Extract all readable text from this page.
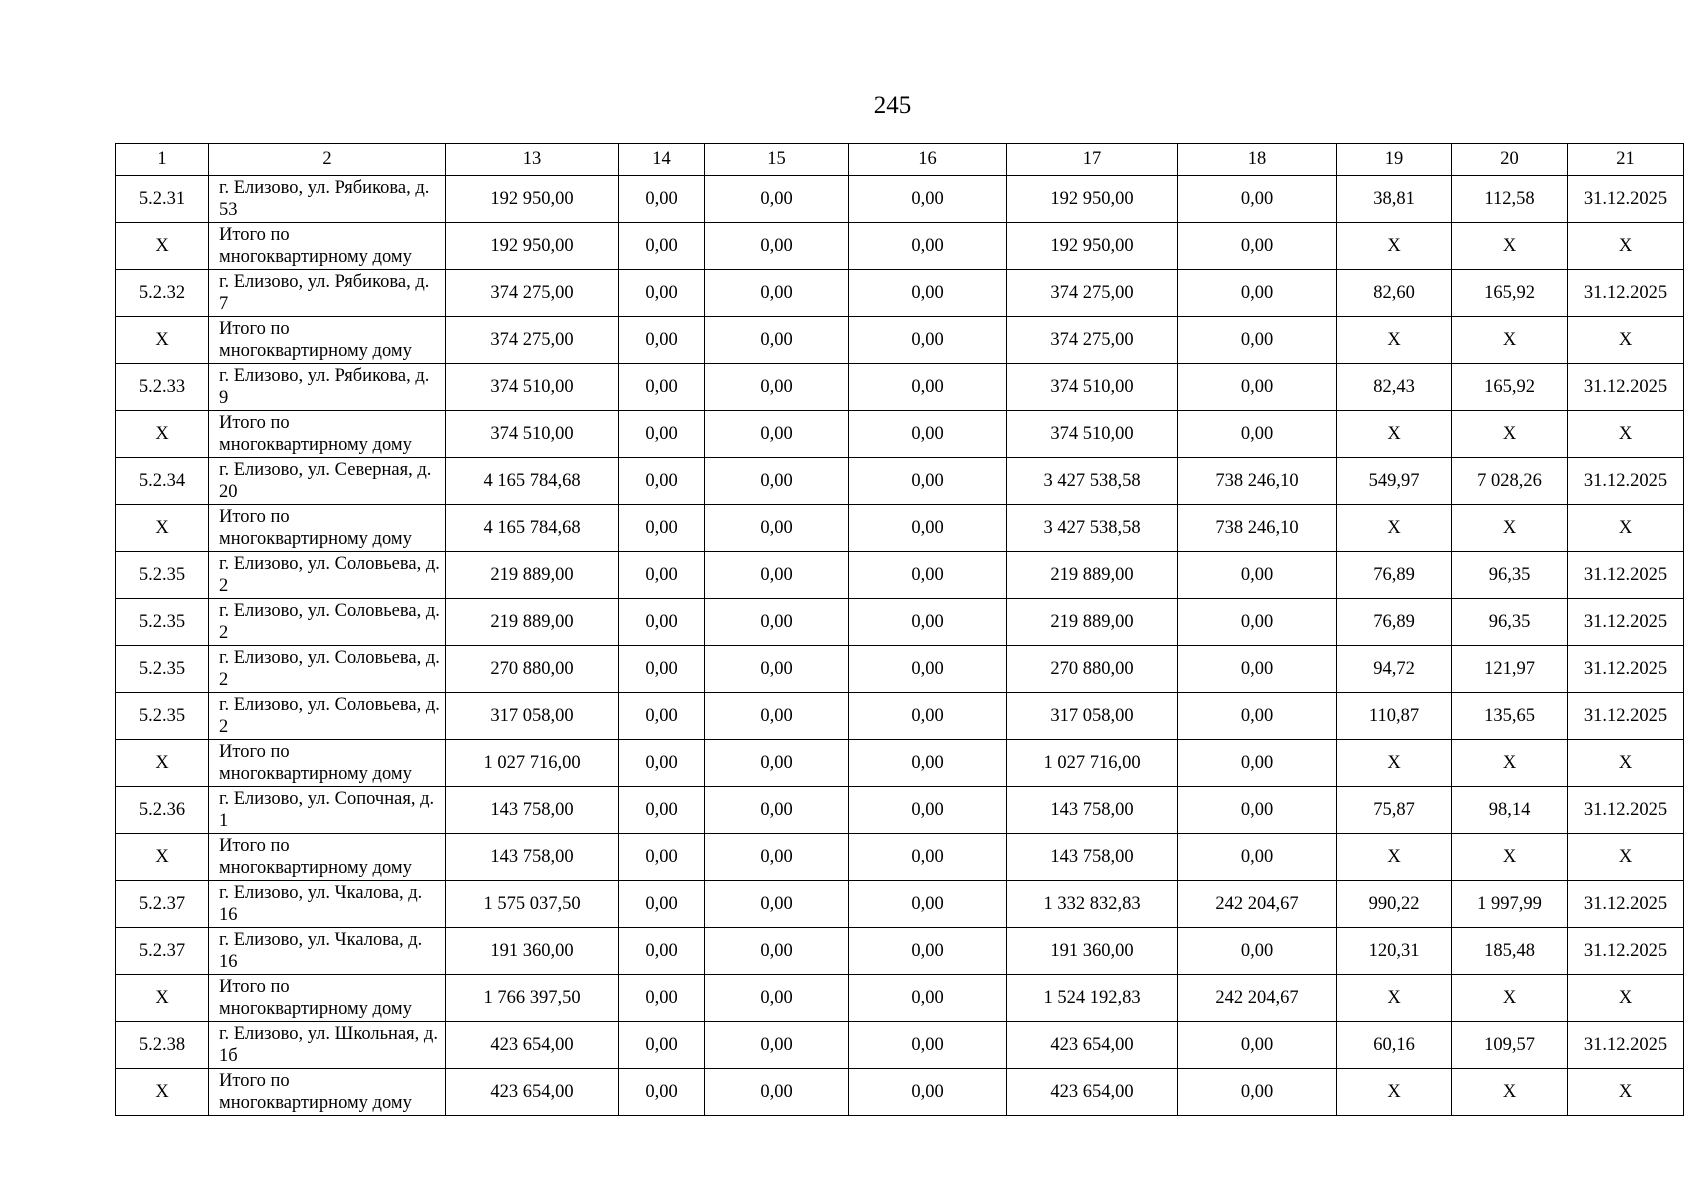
245
1	2	13	14	15	16	17	18	19	20	21
5.2.31	г. Елизово, ул. Рябикова, д. 53	192 950,00	0,00	0,00	0,00	192 950,00	0,00	38,81	112,58	31.12.2025
Х	Итого по многоквартирному дому	192 950,00	0,00	0,00	0,00	192 950,00	0,00	Х	Х	Х
5.2.32	г. Елизово, ул. Рябикова, д. 7	374 275,00	0,00	0,00	0,00	374 275,00	0,00	82,60	165,92	31.12.2025
Х	Итого по многоквартирному дому	374 275,00	0,00	0,00	0,00	374 275,00	0,00	Х	Х	Х
5.2.33	г. Елизово, ул. Рябикова, д. 9	374 510,00	0,00	0,00	0,00	374 510,00	0,00	82,43	165,92	31.12.2025
Х	Итого по многоквартирному дому	374 510,00	0,00	0,00	0,00	374 510,00	0,00	Х	Х	Х
5.2.34	г. Елизово, ул. Северная, д. 20	4 165 784,68	0,00	0,00	0,00	3 427 538,58	738 246,10	549,97	7 028,26	31.12.2025
Х	Итого по многоквартирному дому	4 165 784,68	0,00	0,00	0,00	3 427 538,58	738 246,10	Х	Х	Х
5.2.35	г. Елизово, ул. Соловьева, д. 2	219 889,00	0,00	0,00	0,00	219 889,00	0,00	76,89	96,35	31.12.2025
5.2.35	г. Елизово, ул. Соловьева, д. 2	219 889,00	0,00	0,00	0,00	219 889,00	0,00	76,89	96,35	31.12.2025
5.2.35	г. Елизово, ул. Соловьева, д. 2	270 880,00	0,00	0,00	0,00	270 880,00	0,00	94,72	121,97	31.12.2025
5.2.35	г. Елизово, ул. Соловьева, д. 2	317 058,00	0,00	0,00	0,00	317 058,00	0,00	110,87	135,65	31.12.2025
Х	Итого по многоквартирному дому	1 027 716,00	0,00	0,00	0,00	1 027 716,00	0,00	Х	Х	Х
5.2.36	г. Елизово, ул. Сопочная, д. 1	143 758,00	0,00	0,00	0,00	143 758,00	0,00	75,87	98,14	31.12.2025
Х	Итого по многоквартирному дому	143 758,00	0,00	0,00	0,00	143 758,00	0,00	Х	Х	Х
5.2.37	г. Елизово, ул. Чкалова, д. 16	1 575 037,50	0,00	0,00	0,00	1 332 832,83	242 204,67	990,22	1 997,99	31.12.2025
5.2.37	г. Елизово, ул. Чкалова, д. 16	191 360,00	0,00	0,00	0,00	191 360,00	0,00	120,31	185,48	31.12.2025
Х	Итого по многоквартирному дому	1 766 397,50	0,00	0,00	0,00	1 524 192,83	242 204,67	Х	Х	Х
5.2.38	г. Елизово, ул. Школьная, д. 1б	423 654,00	0,00	0,00	0,00	423 654,00	0,00	60,16	109,57	31.12.2025
Х	Итого по многоквартирному дому	423 654,00	0,00	0,00	0,00	423 654,00	0,00	Х	Х	Х
